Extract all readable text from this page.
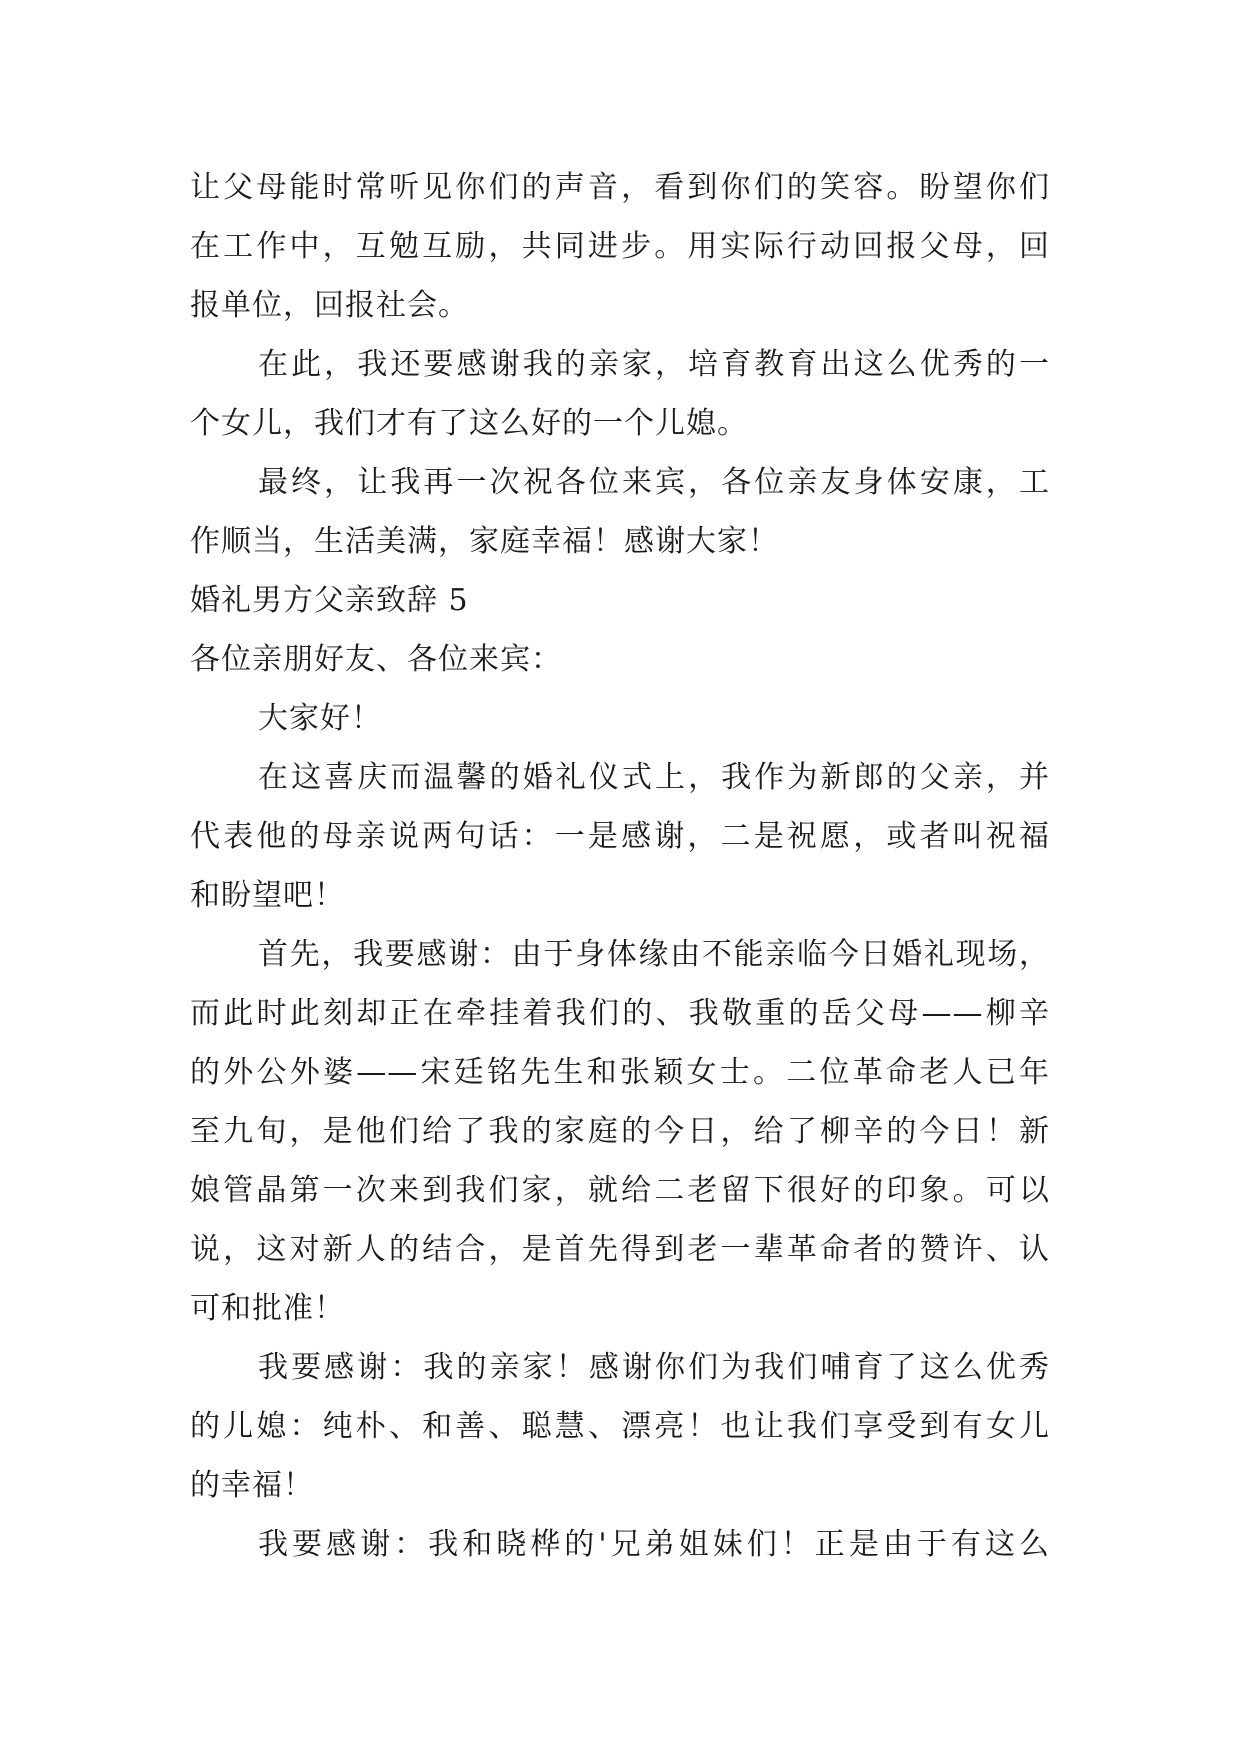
让父母能时常听见你们的声音，看到你们的笑容。盼望你们
在工作中，互勉互励，共同进步。用实际行动回报父母，回
报单位，回报社会。
在此，我还要感谢我的亲家，培育教育出这么优秀的一
个女儿，我们才有了这么好的一个儿媳。
最终，让我再一次祝各位来宾，各位亲友身体安康，工
作顺当，生活美满，家庭幸福！感谢大家！
婚礼男方父亲致辞 5
各位亲朋好友、各位来宾：
大家好！
在这喜庆而温馨的婚礼仪式上，我作为新郎的父亲，并
代表他的母亲说两句话：一是感谢，二是祝愿，或者叫祝福
和盼望吧！
首先，我要感谢：由于身体缘由不能亲临今日婚礼现场，
而此时此刻却正在牵挂着我们的、我敬重的岳父母——柳辛
的外公外婆——宋廷铭先生和张颖女士。二位革命老人已年
至九旬，是他们给了我的家庭的今日，给了柳辛的今日！新
娘管晶第一次来到我们家，就给二老留下很好的印象。可以
说，这对新人的结合，是首先得到老一辈革命者的赞许、认
可和批准！
我要感谢：我的亲家！感谢你们为我们哺育了这么优秀
的儿媳：纯朴、和善、聪慧、漂亮！也让我们享受到有女儿
的幸福！
我要感谢：我和晓桦的'兄弟姐妹们！正是由于有这么
